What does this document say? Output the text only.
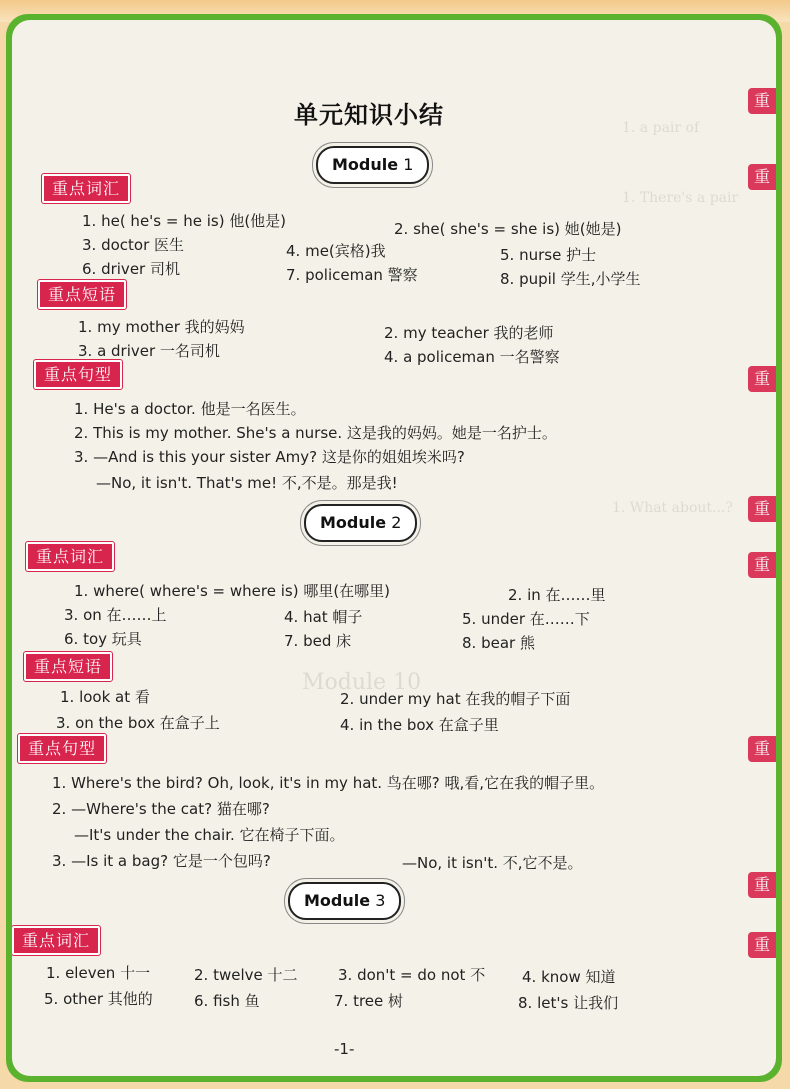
1. a pair of
1. There's a pair
1. What about...?
Module 10
重
重
重
重
重
重
重
重
单元知识小结
Module 1
重点词汇
1. he( he's = he is) 他(他是)	2. she( she's = she is) 她(她是)
3. doctor 医生	4. me(宾格)我	5. nurse 护士
6. driver 司机	7. policeman 警察	8. pupil 学生,小学生
重点短语
1. my mother 我的妈妈	2. my teacher 我的老师
3. a driver 一名司机	4. a policeman 一名警察
重点句型
1. He's a doctor. 他是一名医生。
2. This is my mother. She's a nurse. 这是我的妈妈。她是一名护士。
3. —And is this your sister Amy? 这是你的姐姐埃米吗?
—No, it isn't. That's me! 不,不是。那是我!
Module 2
重点词汇
1. where( where's = where is) 哪里(在哪里)	2. in 在……里
3. on 在……上	4. hat 帽子	5. under 在……下
6. toy 玩具	7. bed 床	8. bear 熊
重点短语
1. look at 看	2. under my hat 在我的帽子下面
3. on the box 在盒子上	4. in the box 在盒子里
重点句型
1. Where's the bird? Oh, look, it's in my hat. 鸟在哪? 哦,看,它在我的帽子里。
2. —Where's the cat? 猫在哪?
—It's under the chair. 它在椅子下面。
3. —Is it a bag? 它是一个包吗?	—No, it isn't. 不,它不是。
Module 3
重点词汇
1. eleven 十一	2. twelve 十二	3. don't = do not 不 4. know 知道
5. other 其他的	6. fish 鱼	7. tree 树	8. let's 让我们
-1-
